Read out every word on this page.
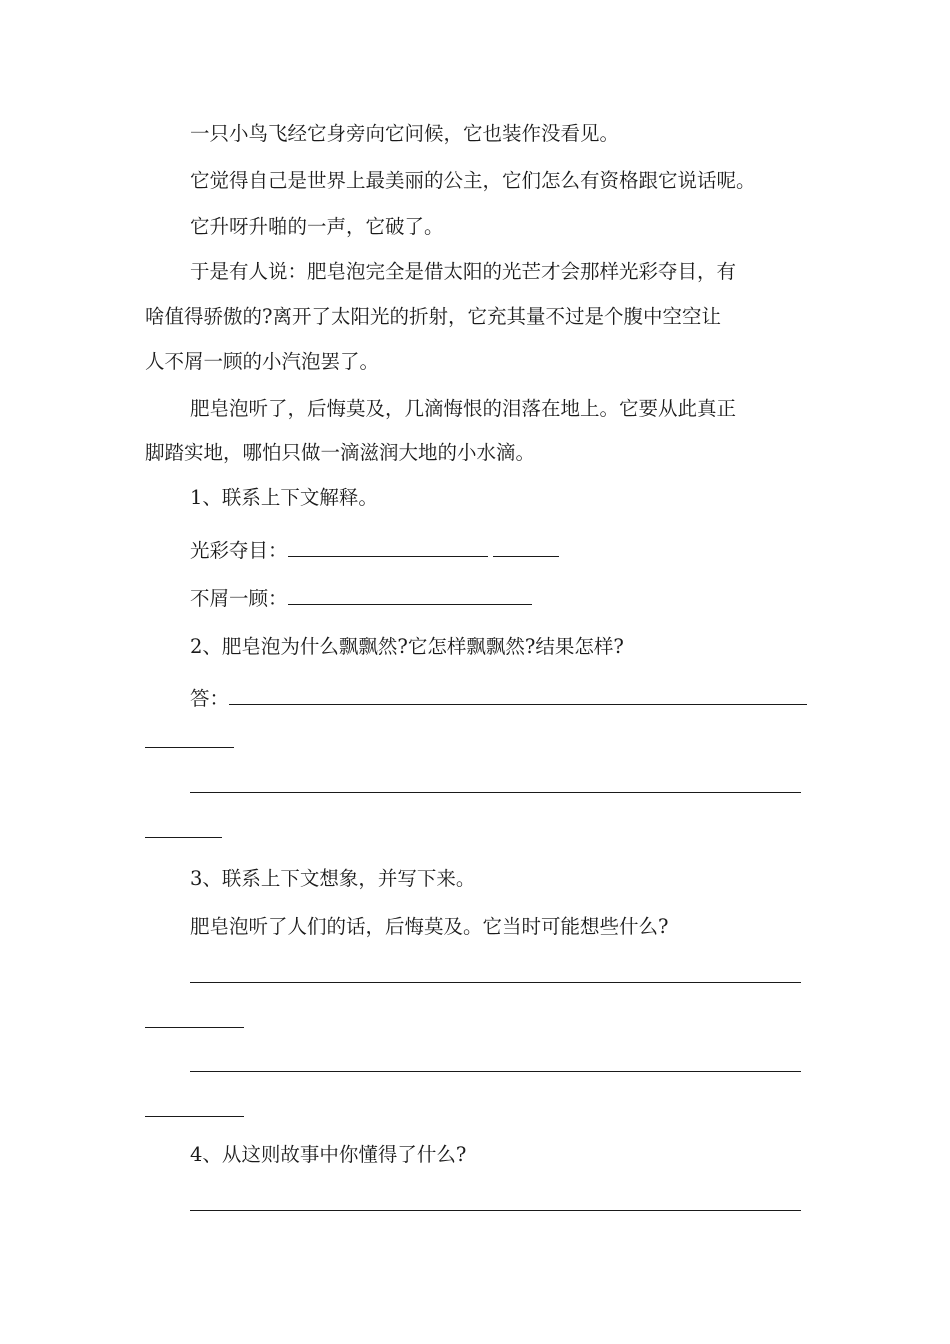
一只小鸟飞经它身旁向它问候，它也装作没看见。
它觉得自己是世界上最美丽的公主，它们怎么有资格跟它说话呢。
它升呀升啪的一声，它破了。
于是有人说：肥皂泡完全是借太阳的光芒才会那样光彩夺目，有
啥值得骄傲的?离开了太阳光的折射，它充其量不过是个腹中空空让
人不屑一顾的小汽泡罢了。
肥皂泡听了，后悔莫及，几滴悔恨的泪落在地上。它要从此真正
脚踏实地，哪怕只做一滴滋润大地的小水滴。
1、联系上下文解释。
光彩夺目：
不屑一顾：
2、肥皂泡为什么飘飘然?它怎样飘飘然?结果怎样?
答：
3、联系上下文想象，并写下来。
肥皂泡听了人们的话，后悔莫及。它当时可能想些什么?
4、从这则故事中你懂得了什么?
